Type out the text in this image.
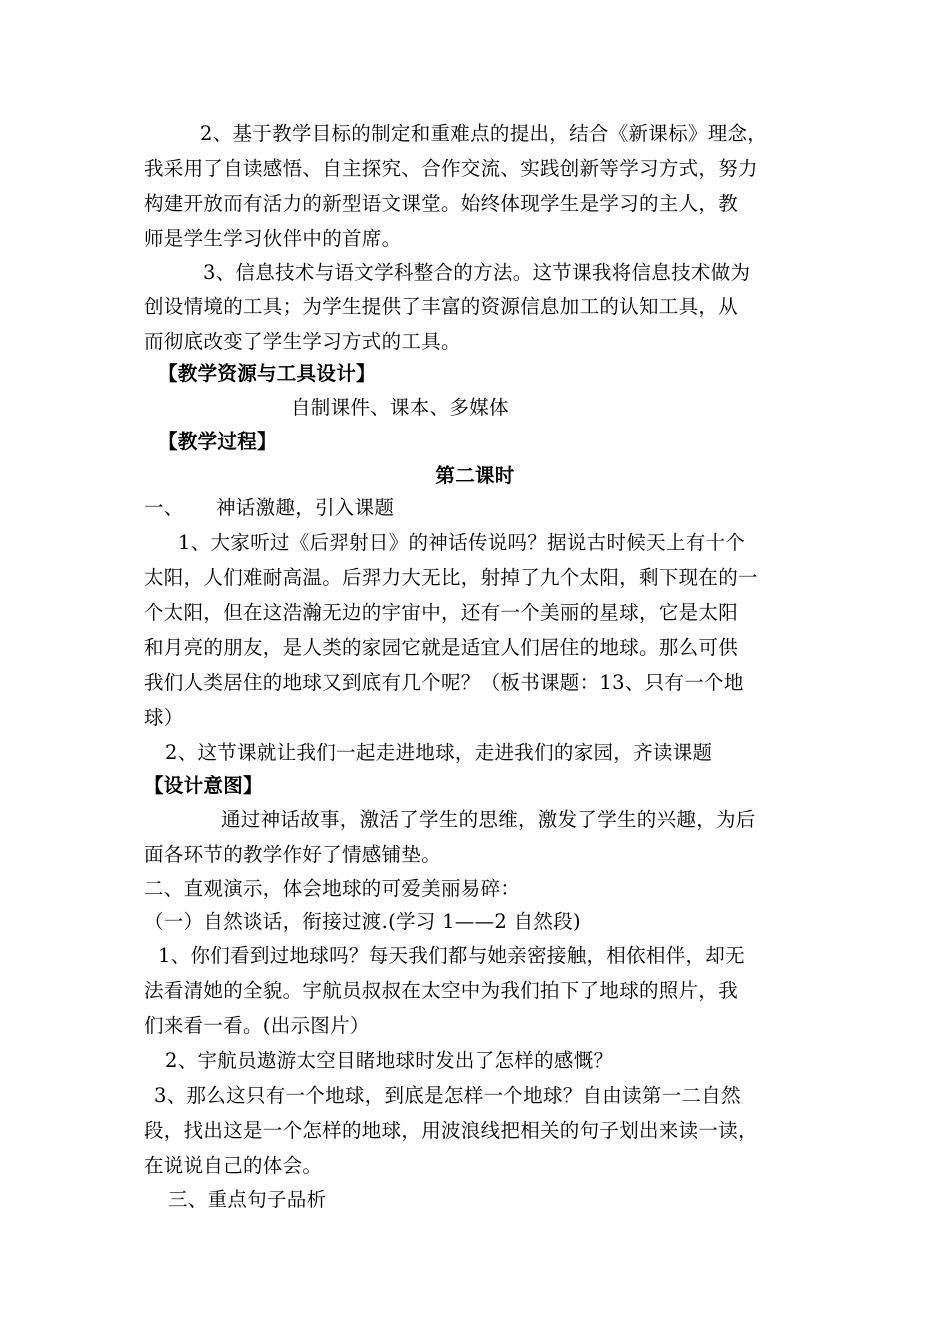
2、基于教学目标的制定和重难点的提出，结合《新课标》理念，
我采用了自读感悟、自主探究、合作交流、实践创新等学习方式，努力
构建开放而有活力的新型语文课堂。始终体现学生是学习的主人，教
师是学生学习伙伴中的首席。
3、信息技术与语文学科整合的方法。这节课我将信息技术做为
创设情境的工具；为学生提供了丰富的资源信息加工的认知工具，从
而彻底改变了学生学习方式的工具。
【教学资源与工具设计】
自制课件、课本、多媒体
【教学过程】
第二课时
一、 神话激趣，引入课题
1、大家听过《后羿射日》的神话传说吗？据说古时候天上有十个
太阳，人们难耐高温。后羿力大无比，射掉了九个太阳，剩下现在的一
个太阳，但在这浩瀚无边的宇宙中，还有一个美丽的星球，它是太阳
和月亮的朋友，是人类的家园它就是适宜人们居住的地球。那么可供
我们人类居住的地球又到底有几个呢？（板书课题：13、只有一个地
球）
2、这节课就让我们一起走进地球，走进我们的家园，齐读课题
【设计意图】
通过神话故事，激活了学生的思维，激发了学生的兴趣，为后
面各环节的教学作好了情感铺垫。
二、直观演示，体会地球的可爱美丽易碎：
（一）自然谈话，衔接过渡.(学习 1——2 自然段)
1、你们看到过地球吗？每天我们都与她亲密接触，相依相伴，却无
法看清她的全貌。宇航员叔叔在太空中为我们拍下了地球的照片，我
们来看一看。(出示图片）
2、宇航员遨游太空目睹地球时发出了怎样的感慨？
3、那么这只有一个地球，到底是怎样一个地球？自由读第一二自然
段，找出这是一个怎样的地球，用波浪线把相关的句子划出来读一读，
在说说自己的体会。
三、重点句子品析
